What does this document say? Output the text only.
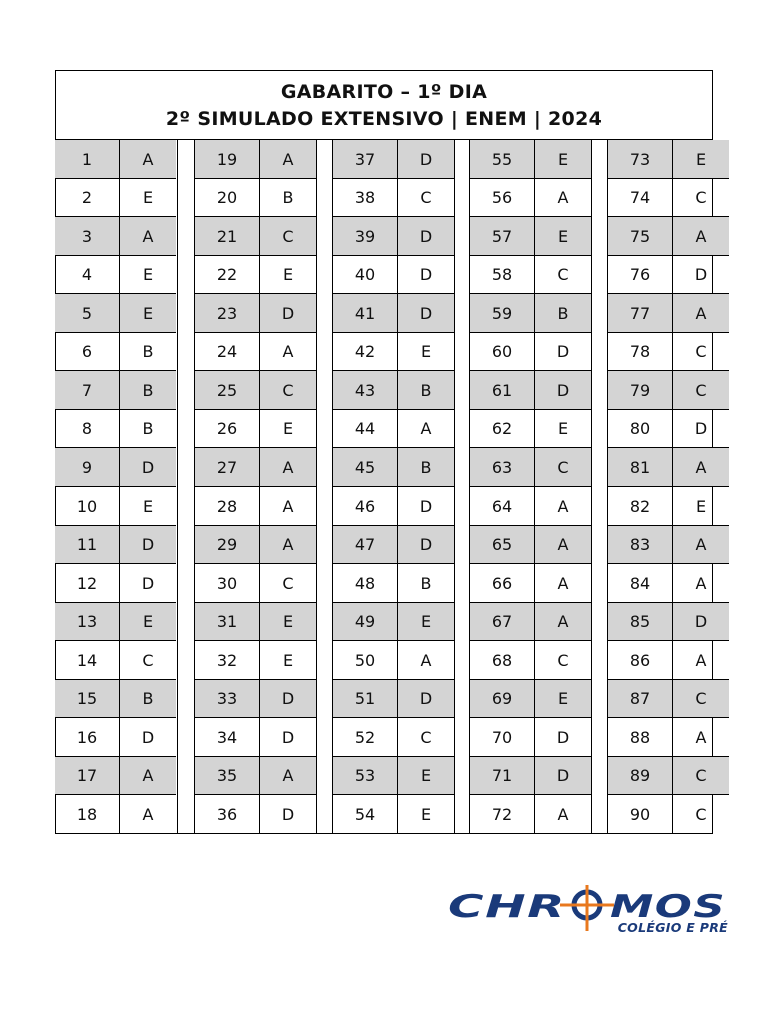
GABARITO – 1º DIA
2º SIMULADO EXTENSIVO | ENEM | 2024
1	A
2	E
3	A
4	E
5	E
6	B
7	B
8	B
9	D
10	E
11	D
12	D
13	E
14	C
15	B
16	D
17	A
18	A
19	A
20	B
21	C
22	E
23	D
24	A
25	C
26	E
27	A
28	A
29	A
30	C
31	E
32	E
33	D
34	D
35	A
36	D
37	D
38	C
39	D
40	D
41	D
42	E
43	B
44	A
45	B
46	D
47	D
48	B
49	E
50	A
51	D
52	C
53	E
54	E
55	E
56	A
57	E
58	C
59	B
60	D
61	D
62	E
63	C
64	A
65	A
66	A
67	A
68	C
69	E
70	D
71	D
72	A
73	E
74	C
75	A
76	D
77	A
78	C
79	C
80	D
81	A
82	E
83	A
84	A
85	D
86	A
87	C
88	A
89	C
90	C
CHR MOS
COLÉGIO E PRÉ
